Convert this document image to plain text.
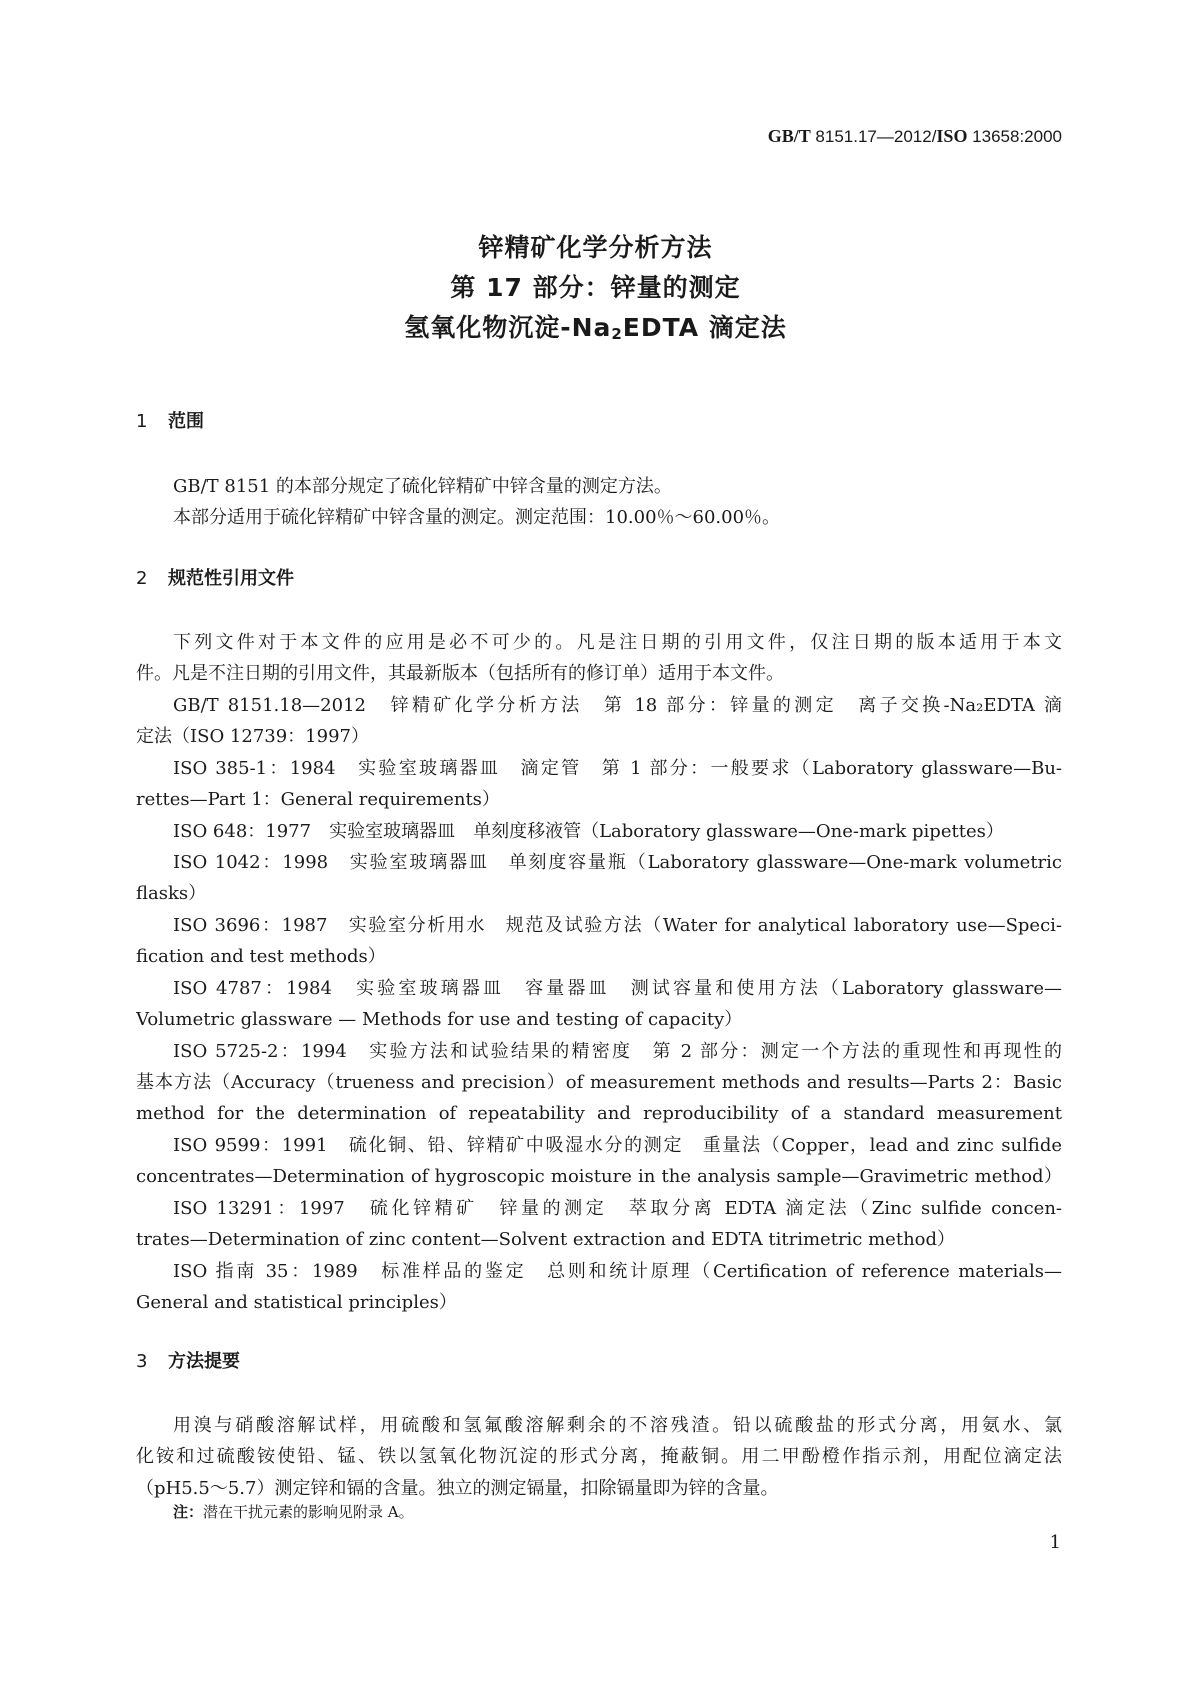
GB/T 8151.17—2012/ISO 13658:2000
锌精矿化学分析方法
第 17 部分：锌量的测定
氢氧化物沉淀$-Na_2EDTA$ 滴定法
1 范围
GB/T 8151 的本部分规定了硫化锌精矿中锌含量的测定方法。
本部分适用于硫化锌精矿中锌含量的测定。测定范围：10.00％～60.00％。
2 规范性引用文件
下列文件对于本文件的应用是必不可少的。凡是注日期的引用文件，仅注日期的版本适用于本文
件。凡是不注日期的引用文件，其最新版本（包括所有的修订单）适用于本文件。
GB/T 8151.18—2012　锌精矿化学分析方法　第 18 部分：锌量的测定　离子交换-Na₂EDTA 滴
定法（ISO 12739：1997）
ISO 385-1：1984　实验室玻璃器皿　滴定管　第 1 部分：一般要求（Laboratory glassware—Bu-
rettes—Part 1：General requirements）
ISO 648：1977　实验室玻璃器皿　单刻度移液管（Laboratory glassware—One-mark pipettes）
ISO 1042：1998　实验室玻璃器皿　单刻度容量瓶（Laboratory glassware—One-mark volumetric
flasks）
ISO 3696：1987　实验室分析用水　规范及试验方法（Water for analytical laboratory use—Speci-
fication and test methods）
ISO 4787：1984　实验室玻璃器皿　容量器皿　测试容量和使用方法（Laboratory glassware—
Volumetric glassware — Methods for use and testing of capacity）
ISO 5725-2：1994　实验方法和试验结果的精密度　第 2 部分：测定一个方法的重现性和再现性的
基本方法（Accuracy（trueness and precision）of measurement methods and results—Parts 2：Basic
method for the determination of repeatability and reproducibility of a standard measurement
ISO 9599：1991　硫化铜、铅、锌精矿中吸湿水分的测定　重量法（Copper，lead and zinc sulfide
concentrates—Determination of hygroscopic moisture in the analysis sample—Gravimetric method）
ISO 13291：1997　硫化锌精矿　锌量的测定　萃取分离 EDTA 滴定法（Zinc sulfide concen-
trates—Determination of zinc content—Solvent extraction and EDTA titrimetric method）
ISO 指南 35：1989　标准样品的鉴定　总则和统计原理（Certification of reference materials—
General and statistical principles）
3 方法提要
用溴与硝酸溶解试样，用硫酸和氢氟酸溶解剩余的不溶残渣。铅以硫酸盐的形式分离，用氨水、氯
化铵和过硫酸铵使铅、锰、铁以氢氧化物沉淀的形式分离，掩蔽铜。用二甲酚橙作指示剂，用配位滴定法
（pH5.5～5.7）测定锌和镉的含量。独立的测定镉量，扣除镉量即为锌的含量。
注：潜在干扰元素的影响见附录 A。
1
